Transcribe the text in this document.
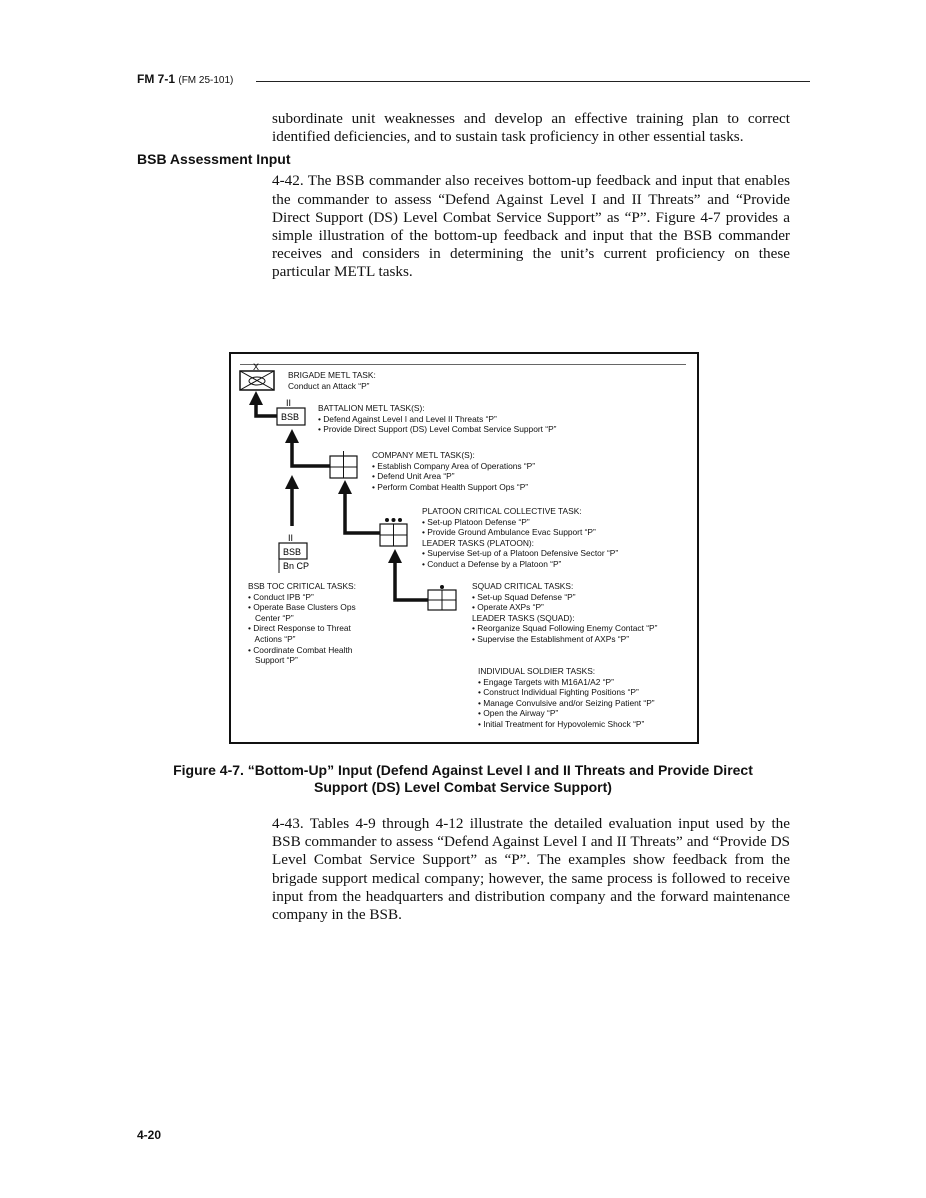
FM 7-1 (FM 25-101)

subordinate unit weaknesses and develop an effective training plan to correct identified deficiencies, and to sustain task proficiency in other essential tasks.

BSB Assessment Input

4-42. The BSB commander also receives bottom-up feedback and input that enables the commander to assess “Defend Against Level I and II Threats” and “Provide Direct Support (DS) Level Combat Service Support” as “P”. Figure 4-7 provides a simple illustration of the bottom-up feedback and input that the BSB commander receives and considers in determining the unit’s current proficiency on these particular METL tasks.

X
BSB
II
BSB
Bn CP
II
BRIGADE METL TASK:
Conduct an Attack “P”
BATTALION METL TASK(S):
• Defend Against Level I and Level II Threats “P”
• Provide Direct Support (DS) Level Combat Service Support “P”
COMPANY METL TASK(S):
• Establish Company Area of Operations “P”
• Defend Unit Area “P”
• Perform Combat Health Support Ops “P”
PLATOON CRITICAL COLLECTIVE TASK:
• Set-up Platoon Defense “P”
• Provide Ground Ambulance Evac Support “P”
LEADER TASKS (PLATOON):
• Supervise Set-up of a Platoon Defensive Sector “P”
• Conduct a Defense by a Platoon “P”
BSB TOC CRITICAL TASKS:
• Conduct IPB “P”
• Operate Base Clusters Ops
Center “P”
• Direct Response to Threat
Actions “P”
• Coordinate Combat Health
Support “P”
SQUAD CRITICAL TASKS:
• Set-up Squad Defense “P”
• Operate AXPs “P”
LEADER TASKS (SQUAD):
• Reorganize Squad Following Enemy Contact “P”
• Supervise the Establishment of AXPs “P”
INDIVIDUAL SOLDIER TASKS:
• Engage Targets with M16A1/A2 “P”
• Construct Individual Fighting Positions “P”
• Manage Convulsive and/or Seizing Patient “P”
• Open the Airway “P”
• Initial Treatment for Hypovolemic Shock “P”
Figure 4-7. “Bottom-Up” Input (Defend Against Level I and II Threats and Provide Direct
Support (DS) Level Combat Service Support)

4-43. Tables 4-9 through 4-12 illustrate the detailed evaluation input used by the BSB commander to assess “Defend Against Level I and II Threats” and “Provide DS Level Combat Service Support” as “P”. The examples show feedback from the brigade support medical company; however, the same process is followed to receive input from the headquarters and distribution company and the forward maintenance company in the BSB.

4-20
